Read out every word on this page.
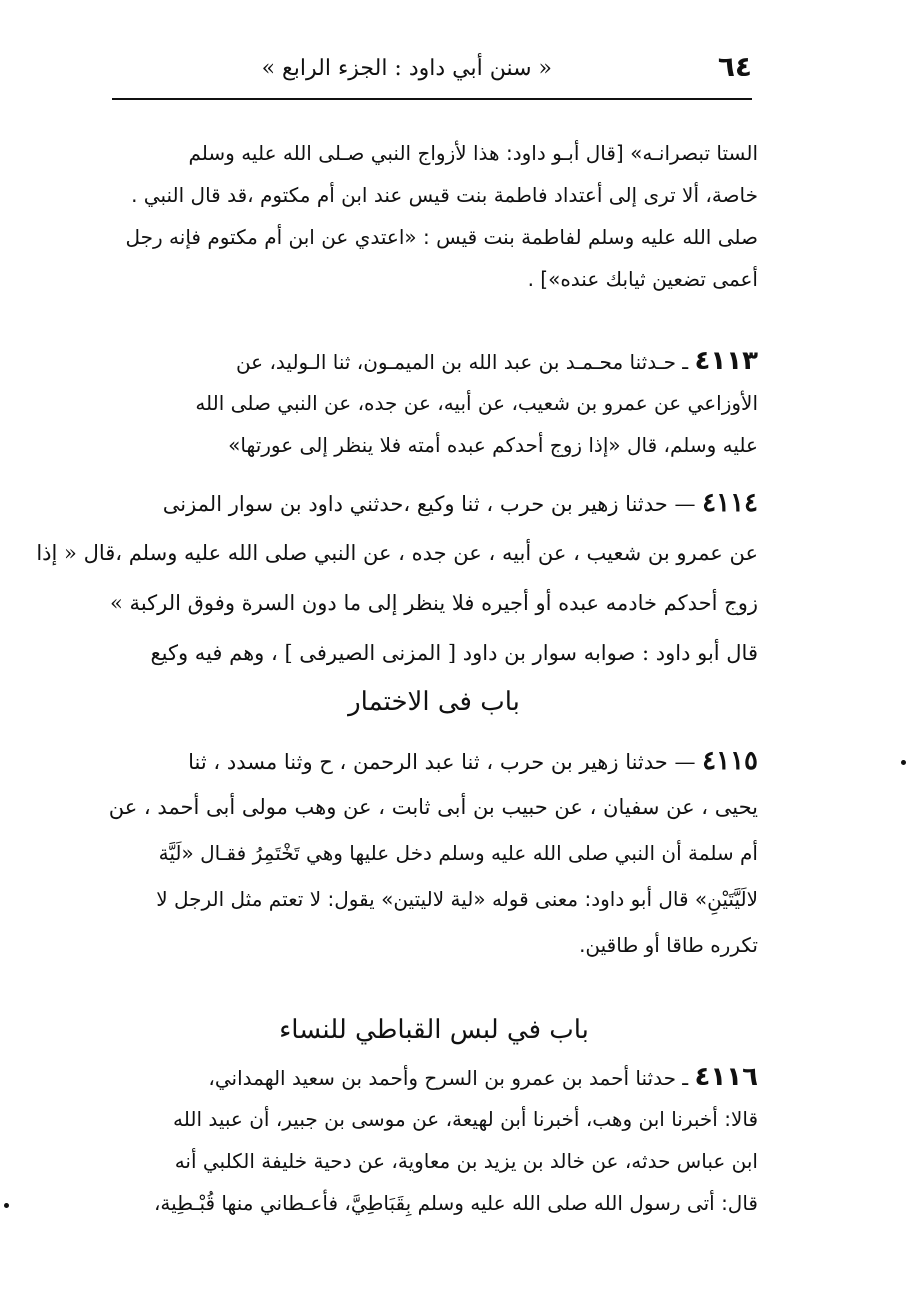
٦٤
« سنن أبي داود : الجزء الرابع »
الستا تبصرانـه» [قال أبـو داود: هذا لأزواج النبي صـلى الله عليه وسلم
خاصة، ألا ترى إلى أعتداد فاطمة بنت قيس عند ابن أم مكتوم ،قد قال النبي .
صلى الله عليه وسلم لفاطمة بنت قيس : «اعتدي عن ابن أم مكتوم فإنه رجل
أعمى تضعين ثيابك عنده»] .
٤١١٣ ـ حـدثنا محـمـد بن عبد الله بن الميمـون، ثنا الـوليد، عن
الأوزاعي عن عمرو بن شعيب، عن أبيه، عن جده، عن النبي صلى الله
عليه وسلم، قال «إذا زوج أحدكم عبده أمته فلا ينظر إلى عورتها»
٤١١٤ — حدثنا زهير بن حرب ، ثنا وكيع ،حدثني داود بن سوار المزنى
عن عمرو بن شعيب ، عن أبيه ، عن جده ، عن النبي صلى الله عليه وسلم ،قال « إذا
زوج أحدكم خادمه عبده أو أجيره فلا ينظر إلى ما دون السرة وفوق الركبة »
قال أبو داود : صوابه سوار بن داود [ المزنى الصيرفى ] ، وهم فيه وكيع
باب فى الاختمار
٤١١٥ — حدثنا زهير بن حرب ، ثنا عبد الرحمن ، ح وثنا مسدد ، ثنا
يحيى ، عن سفيان ، عن حبيب بن أبى ثابت ، عن وهب مولى أبى أحمد ، عن
أم سلمة أن النبي صلى الله عليه وسلم دخل عليها وهي تَخْتَمِرُ فقـال «لَيَّة
لالَيَّتَيْنِ» قال أبو داود: معنى قوله «لية لاليتين» يقول: لا تعتم مثل الرجل لا
تكرره طاقا أو طاقين.
باب في لبس القباطي للنساء
٤١١٦ ـ حدثنا أحمد بن عمرو بن السرح وأحمد بن سعيد الهمداني،
قالا: أخبرنا ابن وهب، أخبرنا أبن لهيعة، عن موسى بن جبير، أن عبيد الله
ابن عباس حدثه، عن خالد بن يزيد بن معاوية، عن دحية خليفة الكلبي أنه
قال: أتى رسول الله صلى الله عليه وسلم بِقَبَاطِيَّ، فأعـطاني منها قُبْـطِية،
